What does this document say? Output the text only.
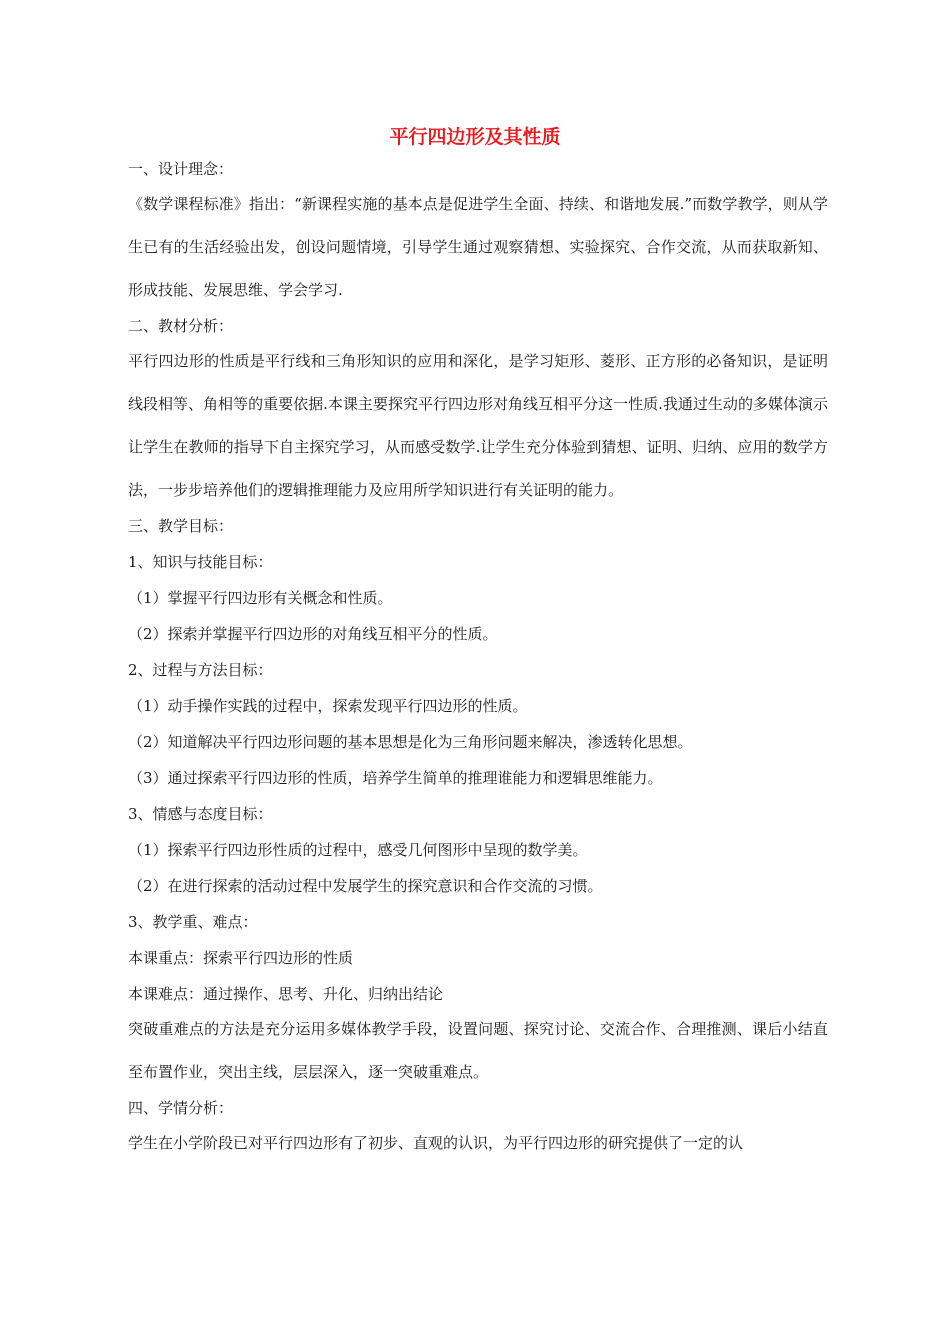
平行四边形及其性质

一、设计理念：

《数学课程标准》指出：“新课程实施的基本点是促进学生全面、持续、和谐地发展.”而数学教学，则从学生已有的生活经验出发，创设问题情境，引导学生通过观察猜想、实验探究、合作交流，从而获取新知、形成技能、发展思维、学会学习.

二、教材分析：

平行四边形的性质是平行线和三角形知识的应用和深化，是学习矩形、菱形、正方形的必备知识，是证明线段相等、角相等的重要依据.本课主要探究平行四边形对角线互相平分这一性质.我通过生动的多媒体演示让学生在教师的指导下自主探究学习，从而感受数学.让学生充分体验到猜想、证明、归纳、应用的数学方法，一步步培养他们的逻辑推理能力及应用所学知识进行有关证明的能力。

三、教学目标：

1、知识与技能目标：

（1）掌握平行四边形有关概念和性质。

（2）探索并掌握平行四边形的对角线互相平分的性质。

2、过程与方法目标：

（1）动手操作实践的过程中，探索发现平行四边形的性质。

（2）知道解决平行四边形问题的基本思想是化为三角形问题来解决，渗透转化思想。

（3）通过探索平行四边形的性质，培养学生简单的推理谁能力和逻辑思维能力。

3、情感与态度目标：

（1）探索平行四边形性质的过程中，感受几何图形中呈现的数学美。

（2）在进行探索的活动过程中发展学生的探究意识和合作交流的习惯。

3、教学重、难点：

本课重点：探索平行四边形的性质

本课难点：通过操作、思考、升化、归纳出结论

突破重难点的方法是充分运用多媒体教学手段，设置问题、探究讨论、交流合作、合理推测、课后小结直至布置作业，突出主线，层层深入，逐一突破重难点。

四、学情分析：

学生在小学阶段已对平行四边形有了初步、直观的认识，为平行四边形的研究提供了一定的认
